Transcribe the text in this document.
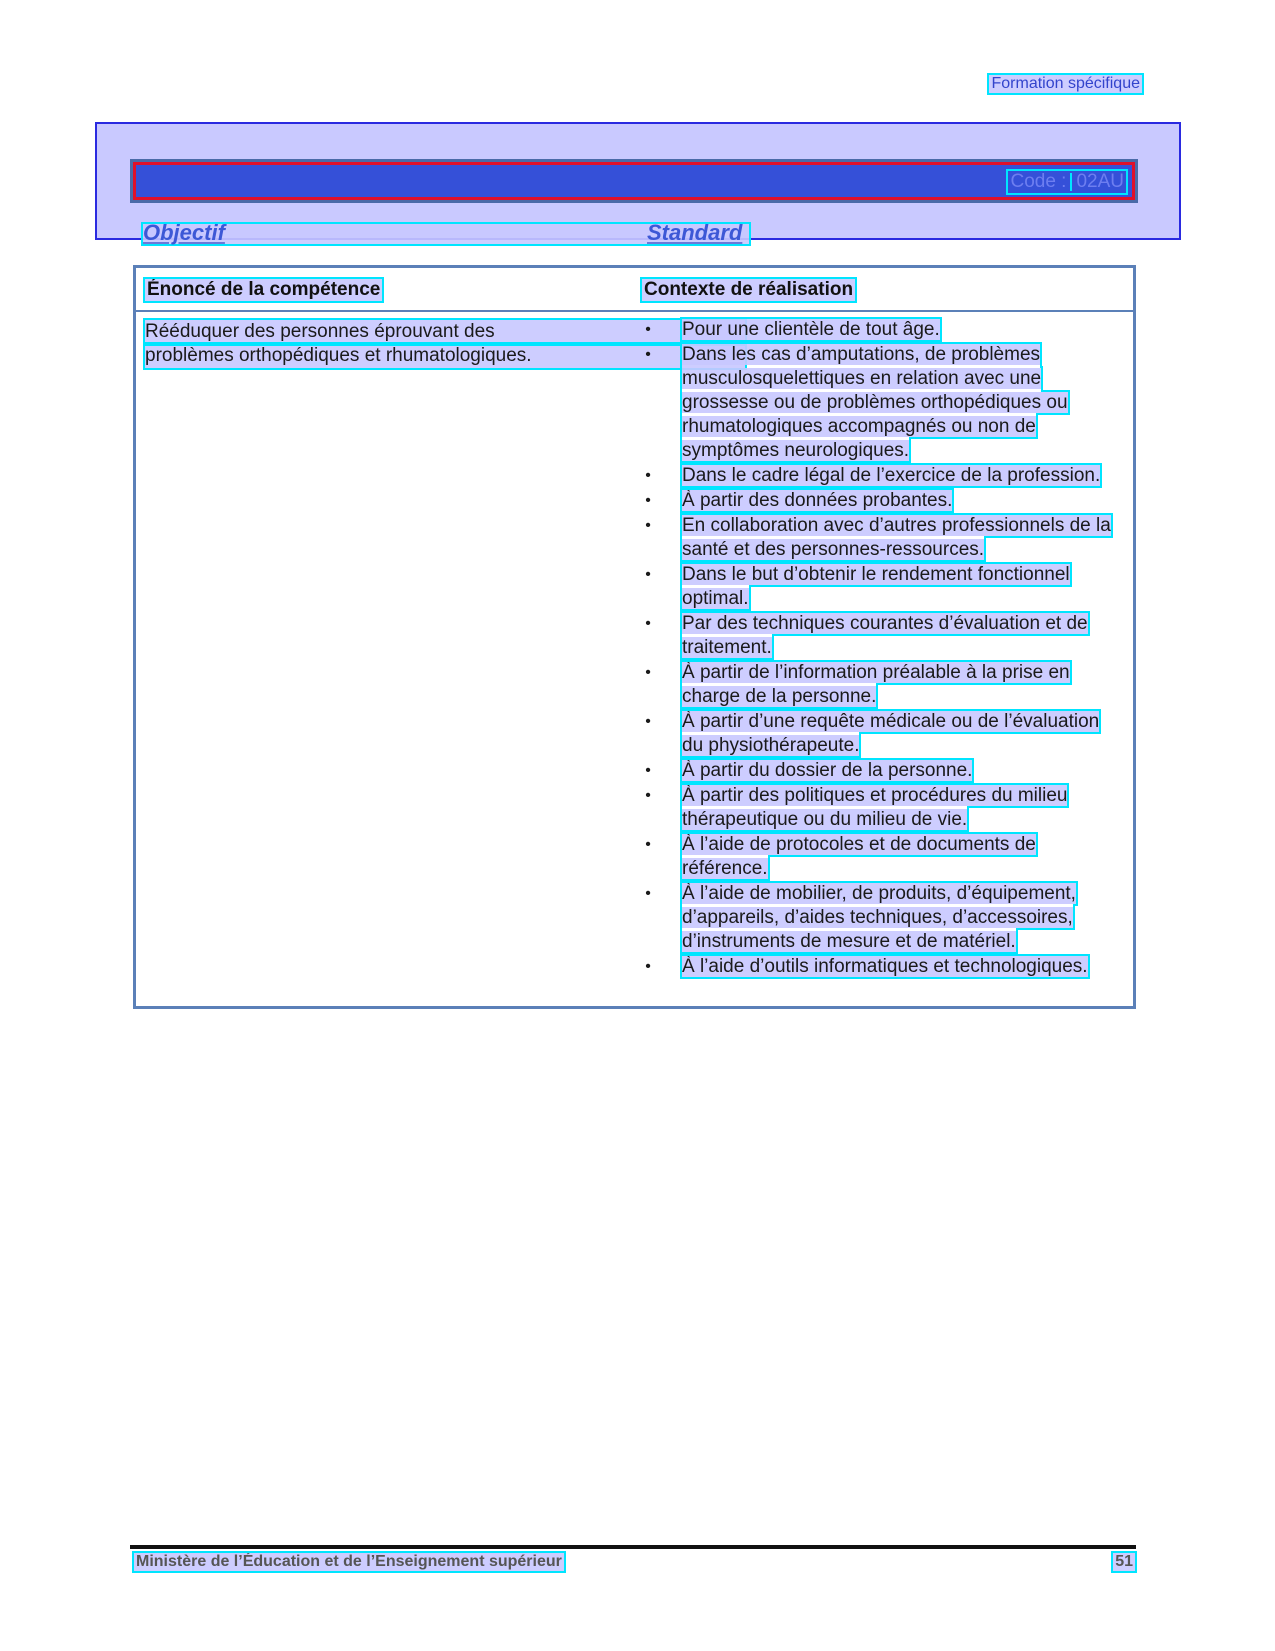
Formation spécifique
Code : 02AU
Objectif	Standard
Énoncé de la compétence	Contexte de réalisation
Rééduquer des personnes éprouvant des
problèmes orthopédiques et rhumatologiques.
• Pour une clientèle de tout âge.
• Dans les cas d’amputations, de problèmes musculosquelettiques en relation avec une grossesse ou de problèmes orthopédiques ou rhumatologiques accompagnés ou non de symptômes neurologiques.
• Dans le cadre légal de l’exercice de la profession.
• À partir des données probantes.
• En collaboration avec d’autres professionnels de la santé et des personnes-ressources.
• Dans le but d’obtenir le rendement fonctionnel optimal.
• Par des techniques courantes d’évaluation et de traitement.
• À partir de l’information préalable à la prise en charge de la personne.
• À partir d’une requête médicale ou de l’évaluation du physiothérapeute.
• À partir du dossier de la personne.
• À partir des politiques et procédures du milieu thérapeutique ou du milieu de vie.
• À l’aide de protocoles et de documents de référence.
• À l’aide de mobilier, de produits, d’équipement, d’appareils, d’aides techniques, d’accessoires, d’instruments de mesure et de matériel.
• À l’aide d’outils informatiques et technologiques.
Ministère de l’Éducation et de l’Enseignement supérieur	51
